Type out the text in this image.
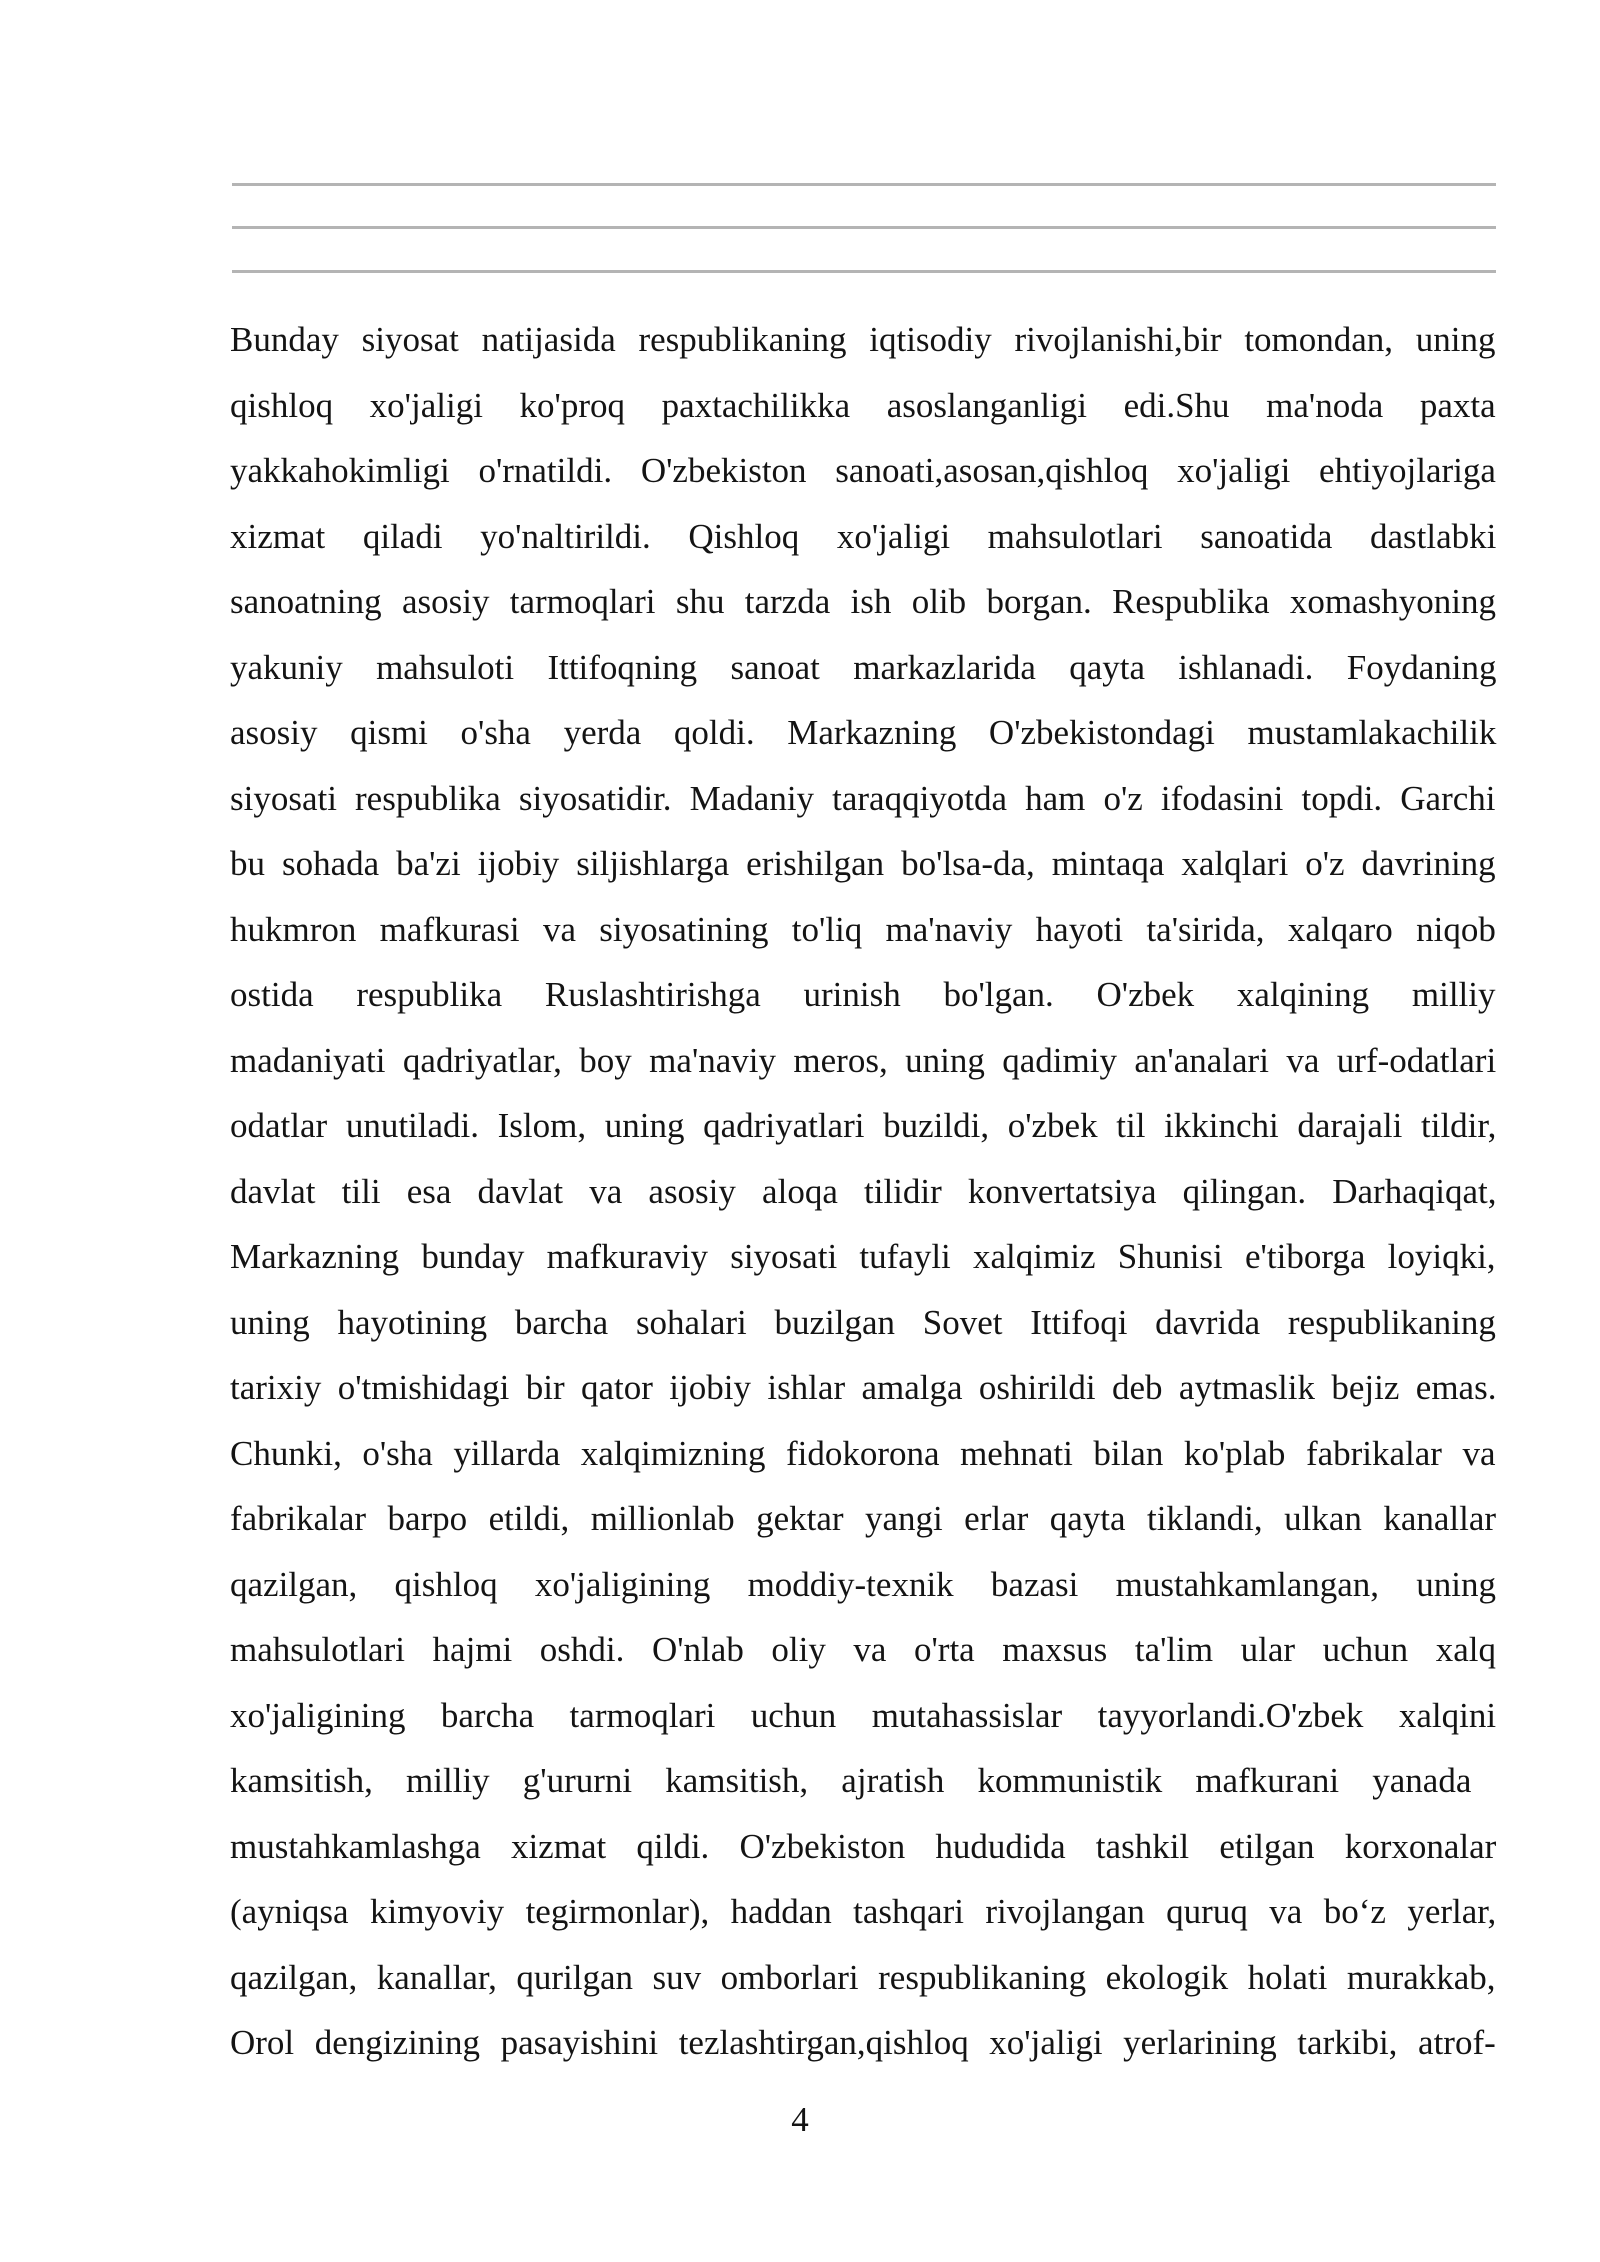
Bunday siyosat natijasida respublikaning iqtisodiy rivojlanishi,bir tomondan, uning
qishloq xo'jaligi ko'proq paxtachilikka asoslanganligi edi.Shu ma'noda paxta
yakkahokimligi o'rnatildi. O'zbekiston sanoati,asosan,qishloq xo'jaligi ehtiyojlariga
xizmat qiladi yo'naltirildi. Qishloq xo'jaligi mahsulotlari sanoatida dastlabki
sanoatning asosiy tarmoqlari shu tarzda ish olib borgan. Respublika xomashyoning
yakuniy mahsuloti Ittifoqning sanoat markazlarida qayta ishlanadi. Foydaning
asosiy qismi o'sha yerda qoldi. Markazning O'zbekistondagi mustamlakachilik
siyosati respublika siyosatidir. Madaniy taraqqiyotda ham o'z ifodasini topdi. Garchi
bu sohada ba'zi ijobiy siljishlarga erishilgan bo'lsa-da, mintaqa xalqlari o'z davrining
hukmron mafkurasi va siyosatining to'liq ma'naviy hayoti ta'sirida, xalqaro niqob
ostida respublika Ruslashtirishga urinish bo'lgan. O'zbek xalqining milliy
madaniyati qadriyatlar, boy ma'naviy meros, uning qadimiy an'analari va urf-odatlari
odatlar unutiladi. Islom, uning qadriyatlari buzildi, o'zbek til ikkinchi darajali tildir,
davlat tili esa davlat va asosiy aloqa tilidir konvertatsiya qilingan. Darhaqiqat,
Markazning bunday mafkuraviy siyosati tufayli xalqimiz Shunisi e'tiborga loyiqki,
uning hayotining barcha sohalari buzilgan Sovet Ittifoqi davrida respublikaning
tarixiy o'tmishidagi bir qator ijobiy ishlar amalga oshirildi deb aytmaslik bejiz emas.
Chunki, o'sha yillarda xalqimizning fidokorona mehnati bilan ko'plab fabrikalar va
fabrikalar barpo etildi, millionlab gektar yangi erlar qayta tiklandi, ulkan kanallar
qazilgan, qishloq xo'jaligining moddiy-texnik bazasi mustahkamlangan, uning
mahsulotlari hajmi oshdi. O'nlab oliy va o'rta maxsus ta'lim ular uchun xalq
xo'jaligining barcha tarmoqlari uchun mutahassislar tayyorlandi.O'zbek xalqini
kamsitish, milliy g'ururni kamsitish, ajratish kommunistik mafkurani yanada
mustahkamlashga xizmat qildi. O'zbekiston hududida tashkil etilgan korxonalar
(ayniqsa kimyoviy tegirmonlar), haddan tashqari rivojlangan quruq va bo‘z yerlar,
qazilgan, kanallar, qurilgan suv omborlari respublikaning ekologik holati murakkab,
Orol dengizining pasayishini tezlashtirgan,qishloq xo'jaligi yerlarining tarkibi, atrof-
4
